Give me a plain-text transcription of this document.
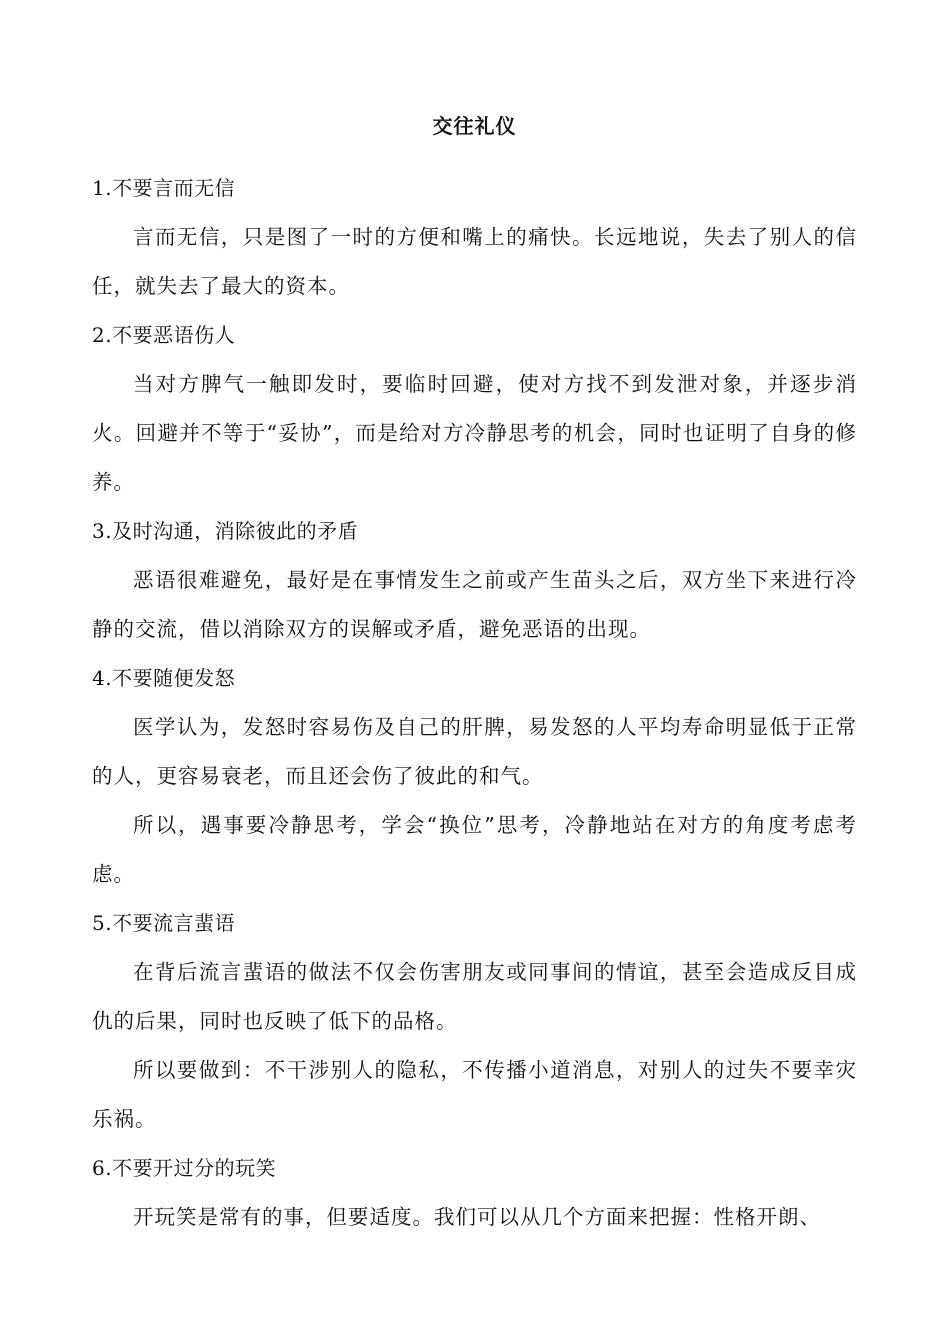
交往礼仪
1.不要言而无信
言而无信，只是图了一时的方便和嘴上的痛快。长远地说，失去了别人的信任，就失去了最大的资本。
2.不要恶语伤人
当对方脾气一触即发时，要临时回避，使对方找不到发泄对象，并逐步消火。回避并不等于“妥协”，而是给对方冷静思考的机会，同时也证明了自身的修养。
3.及时沟通，消除彼此的矛盾
恶语很难避免，最好是在事情发生之前或产生苗头之后，双方坐下来进行冷静的交流，借以消除双方的误解或矛盾，避免恶语的出现。
4.不要随便发怒
医学认为，发怒时容易伤及自己的肝脾，易发怒的人平均寿命明显低于正常的人，更容易衰老，而且还会伤了彼此的和气。
所以，遇事要冷静思考，学会“换位”思考，冷静地站在对方的角度考虑考虑。
5.不要流言蜚语
在背后流言蜚语的做法不仅会伤害朋友或同事间的情谊，甚至会造成反目成仇的后果，同时也反映了低下的品格。
所以要做到：不干涉别人的隐私，不传播小道消息，对别人的过失不要幸灾乐祸。
6.不要开过分的玩笑
开玩笑是常有的事，但要适度。我们可以从几个方面来把握：性格开朗、
